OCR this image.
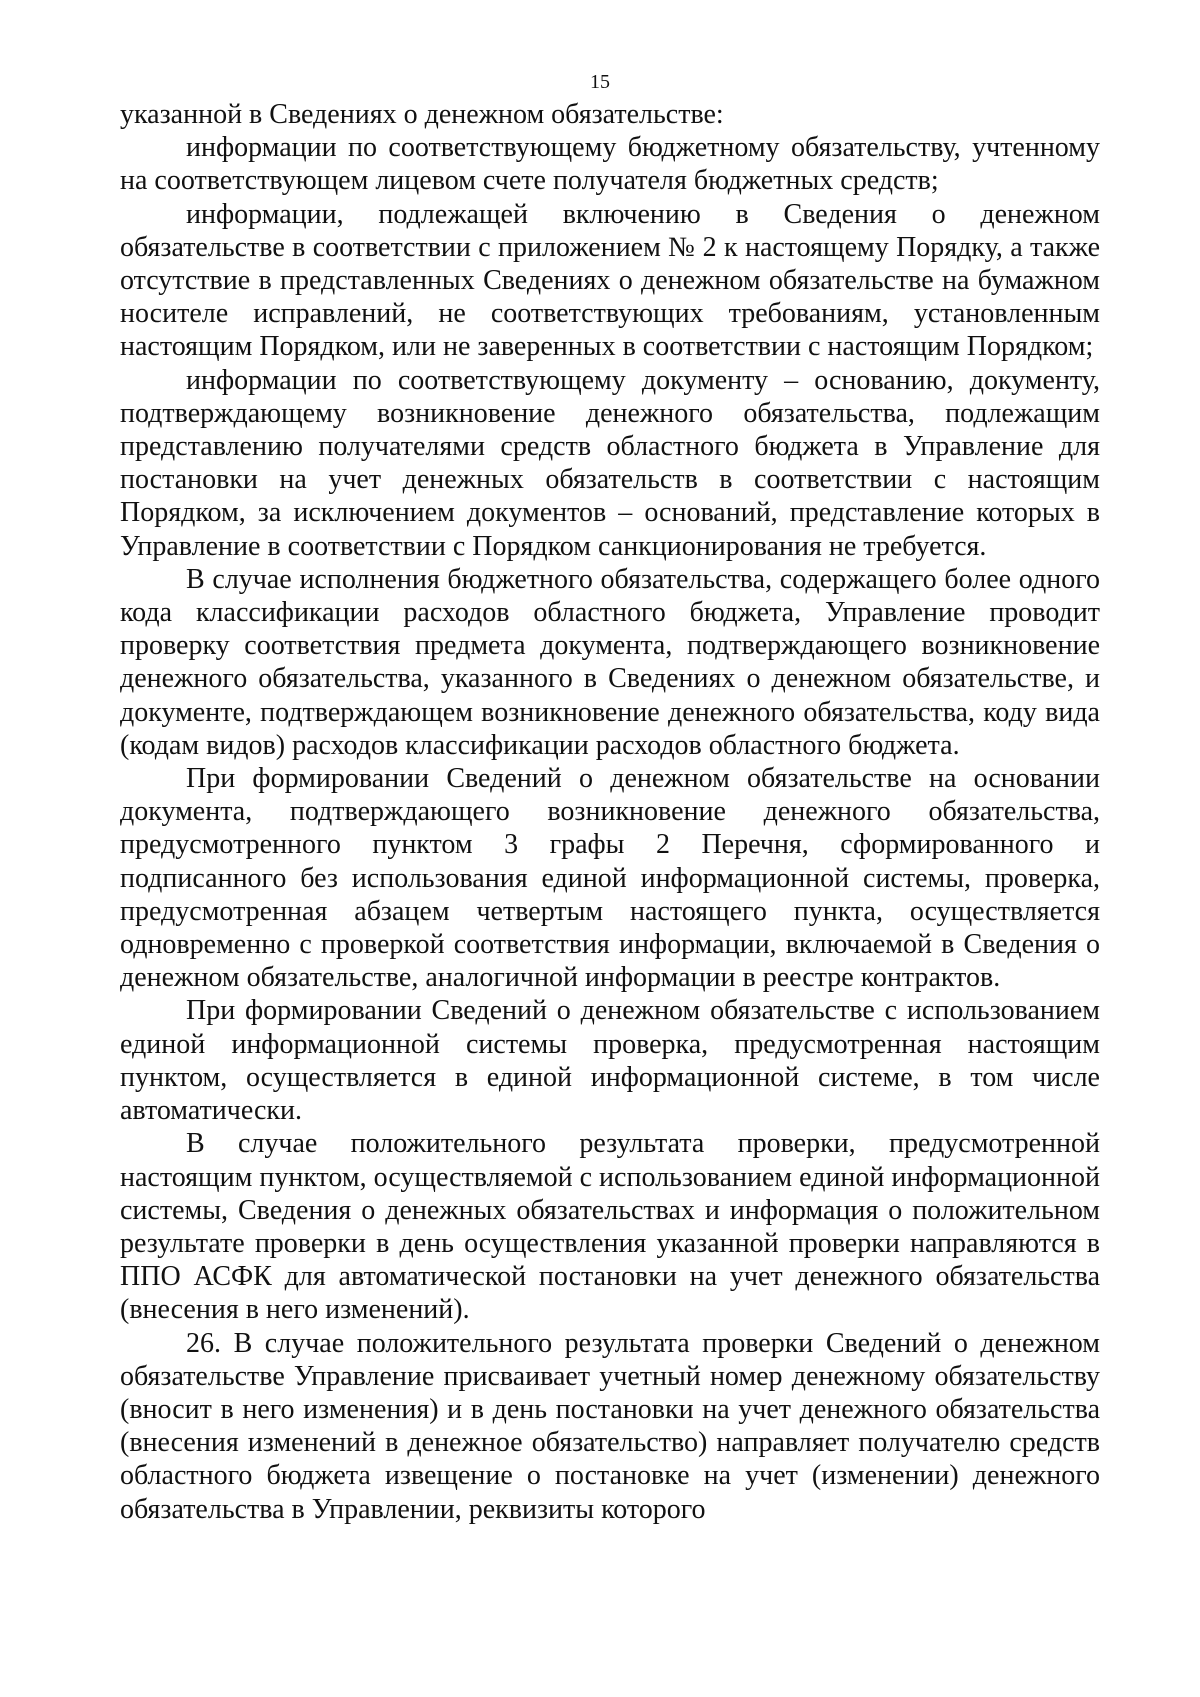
15

указанной в Сведениях о денежном обязательстве:

информации по соответствующему бюджетному обязательству, учтенному на соответствующем лицевом счете получателя бюджетных средств;

информации, подлежащей включению в Сведения о денежном обязательстве в соответствии с приложением № 2 к настоящему Порядку, а также отсутствие в представленных Сведениях о денежном обязательстве на бумажном носителе исправлений, не соответствующих требованиям, установленным настоящим Порядком, или не заверенных в соответствии с настоящим Порядком;

информации по соответствующему документу – основанию, документу, подтверждающему возникновение денежного обязательства, подлежащим представлению получателями средств областного бюджета в Управление для постановки на учет денежных обязательств в соответствии с настоящим Порядком, за исключением документов – оснований, представление которых в Управление в соответствии с Порядком санкционирования не требуется.

В случае исполнения бюджетного обязательства, содержащего более одного кода классификации расходов областного бюджета, Управление проводит проверку соответствия предмета документа, подтверждающего возникновение денежного обязательства, указанного в Сведениях о денежном обязательстве, и документе, подтверждающем возникновение денежного обязательства, коду вида (кодам видов) расходов классификации расходов областного бюджета.

При формировании Сведений о денежном обязательстве на основании документа, подтверждающего возникновение денежного обязательства, предусмотренного пунктом 3 графы 2 Перечня, сформированного и подписанного без использования единой информационной системы, проверка, предусмотренная абзацем четвертым настоящего пункта, осуществляется одновременно с проверкой соответствия информации, включаемой в Сведения о денежном обязательстве, аналогичной информации в реестре контрактов.

При формировании Сведений о денежном обязательстве с использованием единой информационной системы проверка, предусмотренная настоящим пунктом, осуществляется в единой информационной системе, в том числе автоматически.

В случае положительного результата проверки, предусмотренной настоящим пунктом, осуществляемой с использованием единой информационной системы, Сведения о денежных обязательствах и информация о положительном результате проверки в день осуществления указанной проверки направляются в ППО АСФК для автоматической постановки на учет денежного обязательства (внесения в него изменений).

26. В случае положительного результата проверки Сведений о денежном обязательстве Управление присваивает учетный номер денежному обязательству (вносит в него изменения) и в день постановки на учет денежного обязательства (внесения изменений в денежное обязательство) направляет получателю средств областного бюджета извещение о постановке на учет (изменении) денежного обязательства в Управлении, реквизиты которого
